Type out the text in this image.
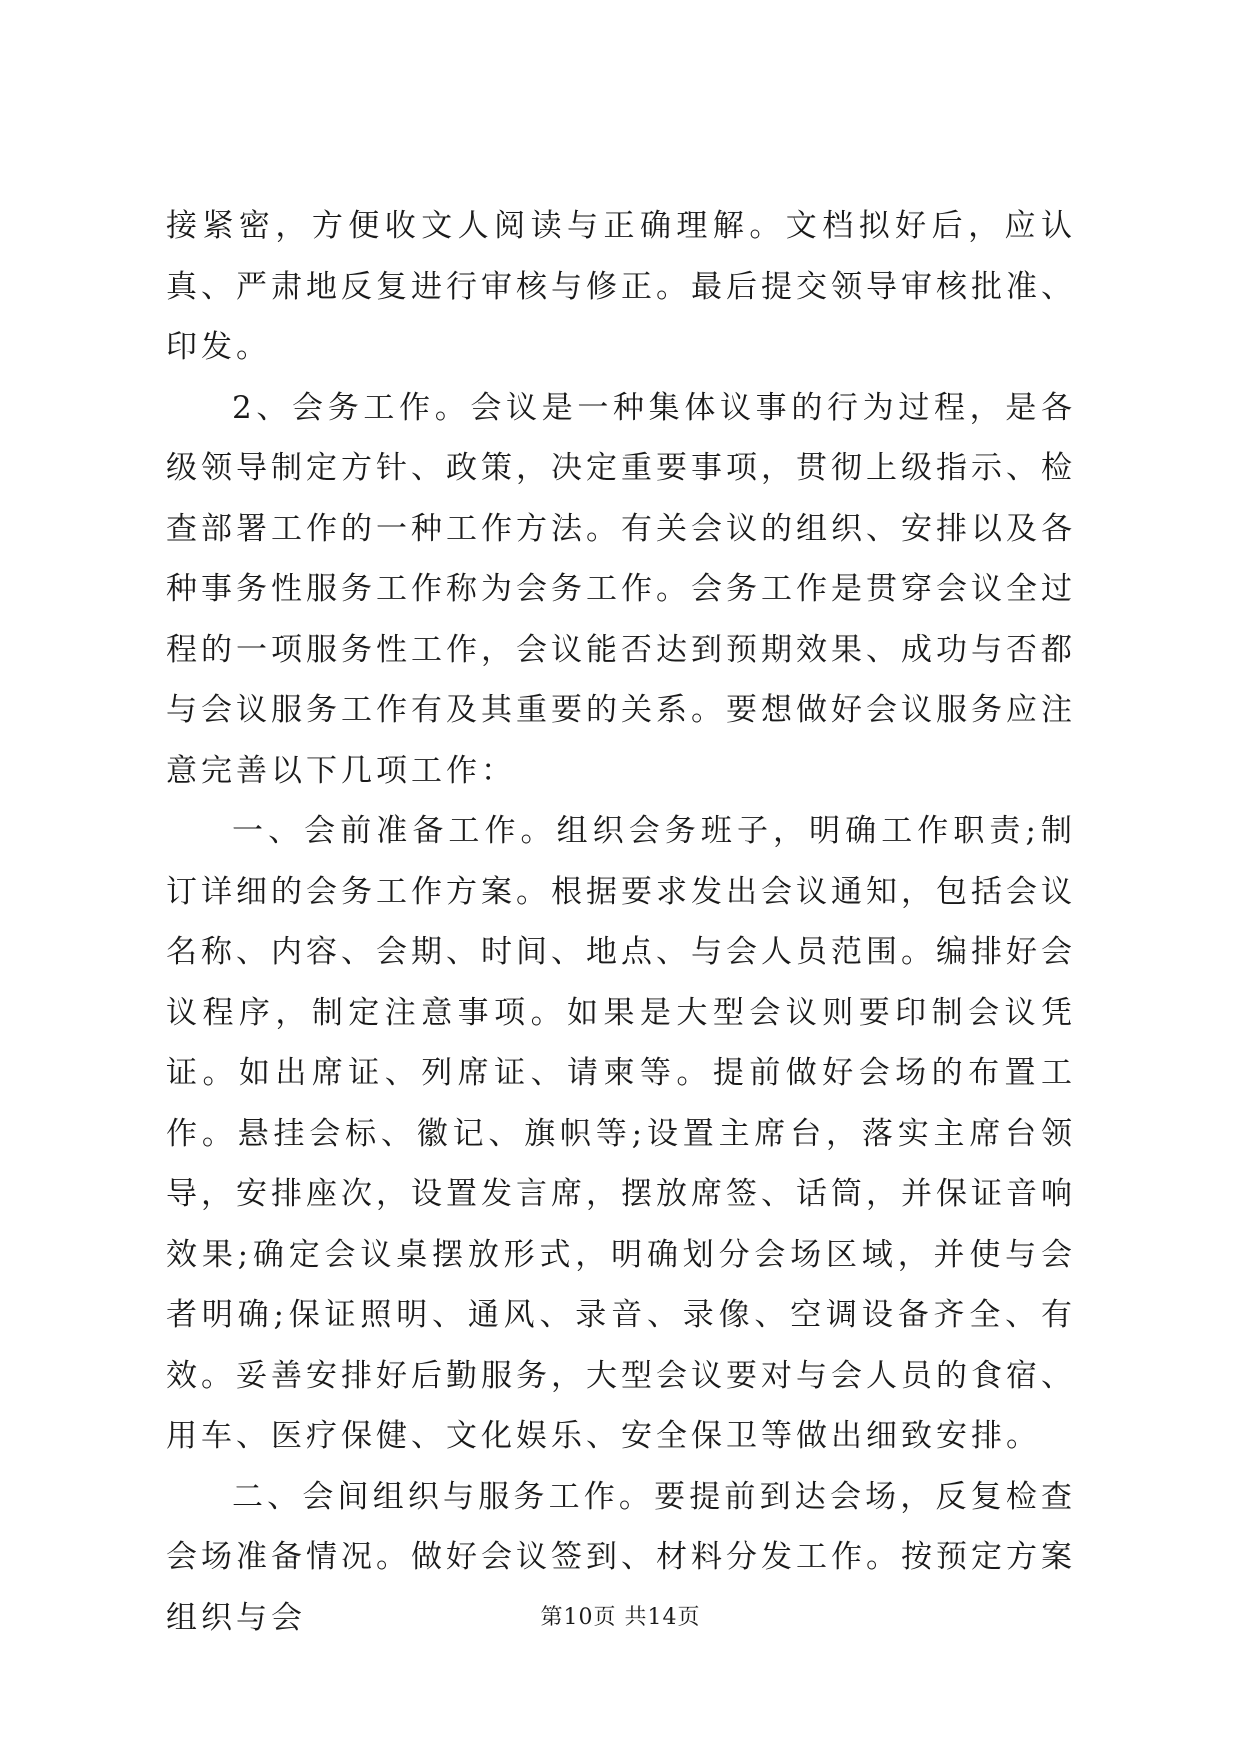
接紧密，方便收文人阅读与正确理解。文档拟好后，应认真、严肃地反复进行审核与修正。最后提交领导审核批准、印发。

2、会务工作。会议是一种集体议事的行为过程，是各级领导制定方针、政策，决定重要事项，贯彻上级指示、检查部署工作的一种工作方法。有关会议的组织、安排以及各种事务性服务工作称为会务工作。会务工作是贯穿会议全过程的一项服务性工作，会议能否达到预期效果、成功与否都与会议服务工作有及其重要的关系。要想做好会议服务应注意完善以下几项工作：

一、会前准备工作。组织会务班子，明确工作职责;制订详细的会务工作方案。根据要求发出会议通知，包括会议名称、内容、会期、时间、地点、与会人员范围。编排好会议程序，制定注意事项。如果是大型会议则要印制会议凭证。如出席证、列席证、请柬等。提前做好会场的布置工作。悬挂会标、徽记、旗帜等;设置主席台，落实主席台领导，安排座次，设置发言席，摆放席签、话筒，并保证音响效果;确定会议桌摆放形式，明确划分会场区域，并使与会者明确;保证照明、通风、录音、录像、空调设备齐全、有效。妥善安排好后勤服务，大型会议要对与会人员的食宿、用车、医疗保健、文化娱乐、安全保卫等做出细致安排。

二、会间组织与服务工作。要提前到达会场，反复检查会场准备情况。做好会议签到、材料分发工作。按预定方案组织与会	第10页 共14页
